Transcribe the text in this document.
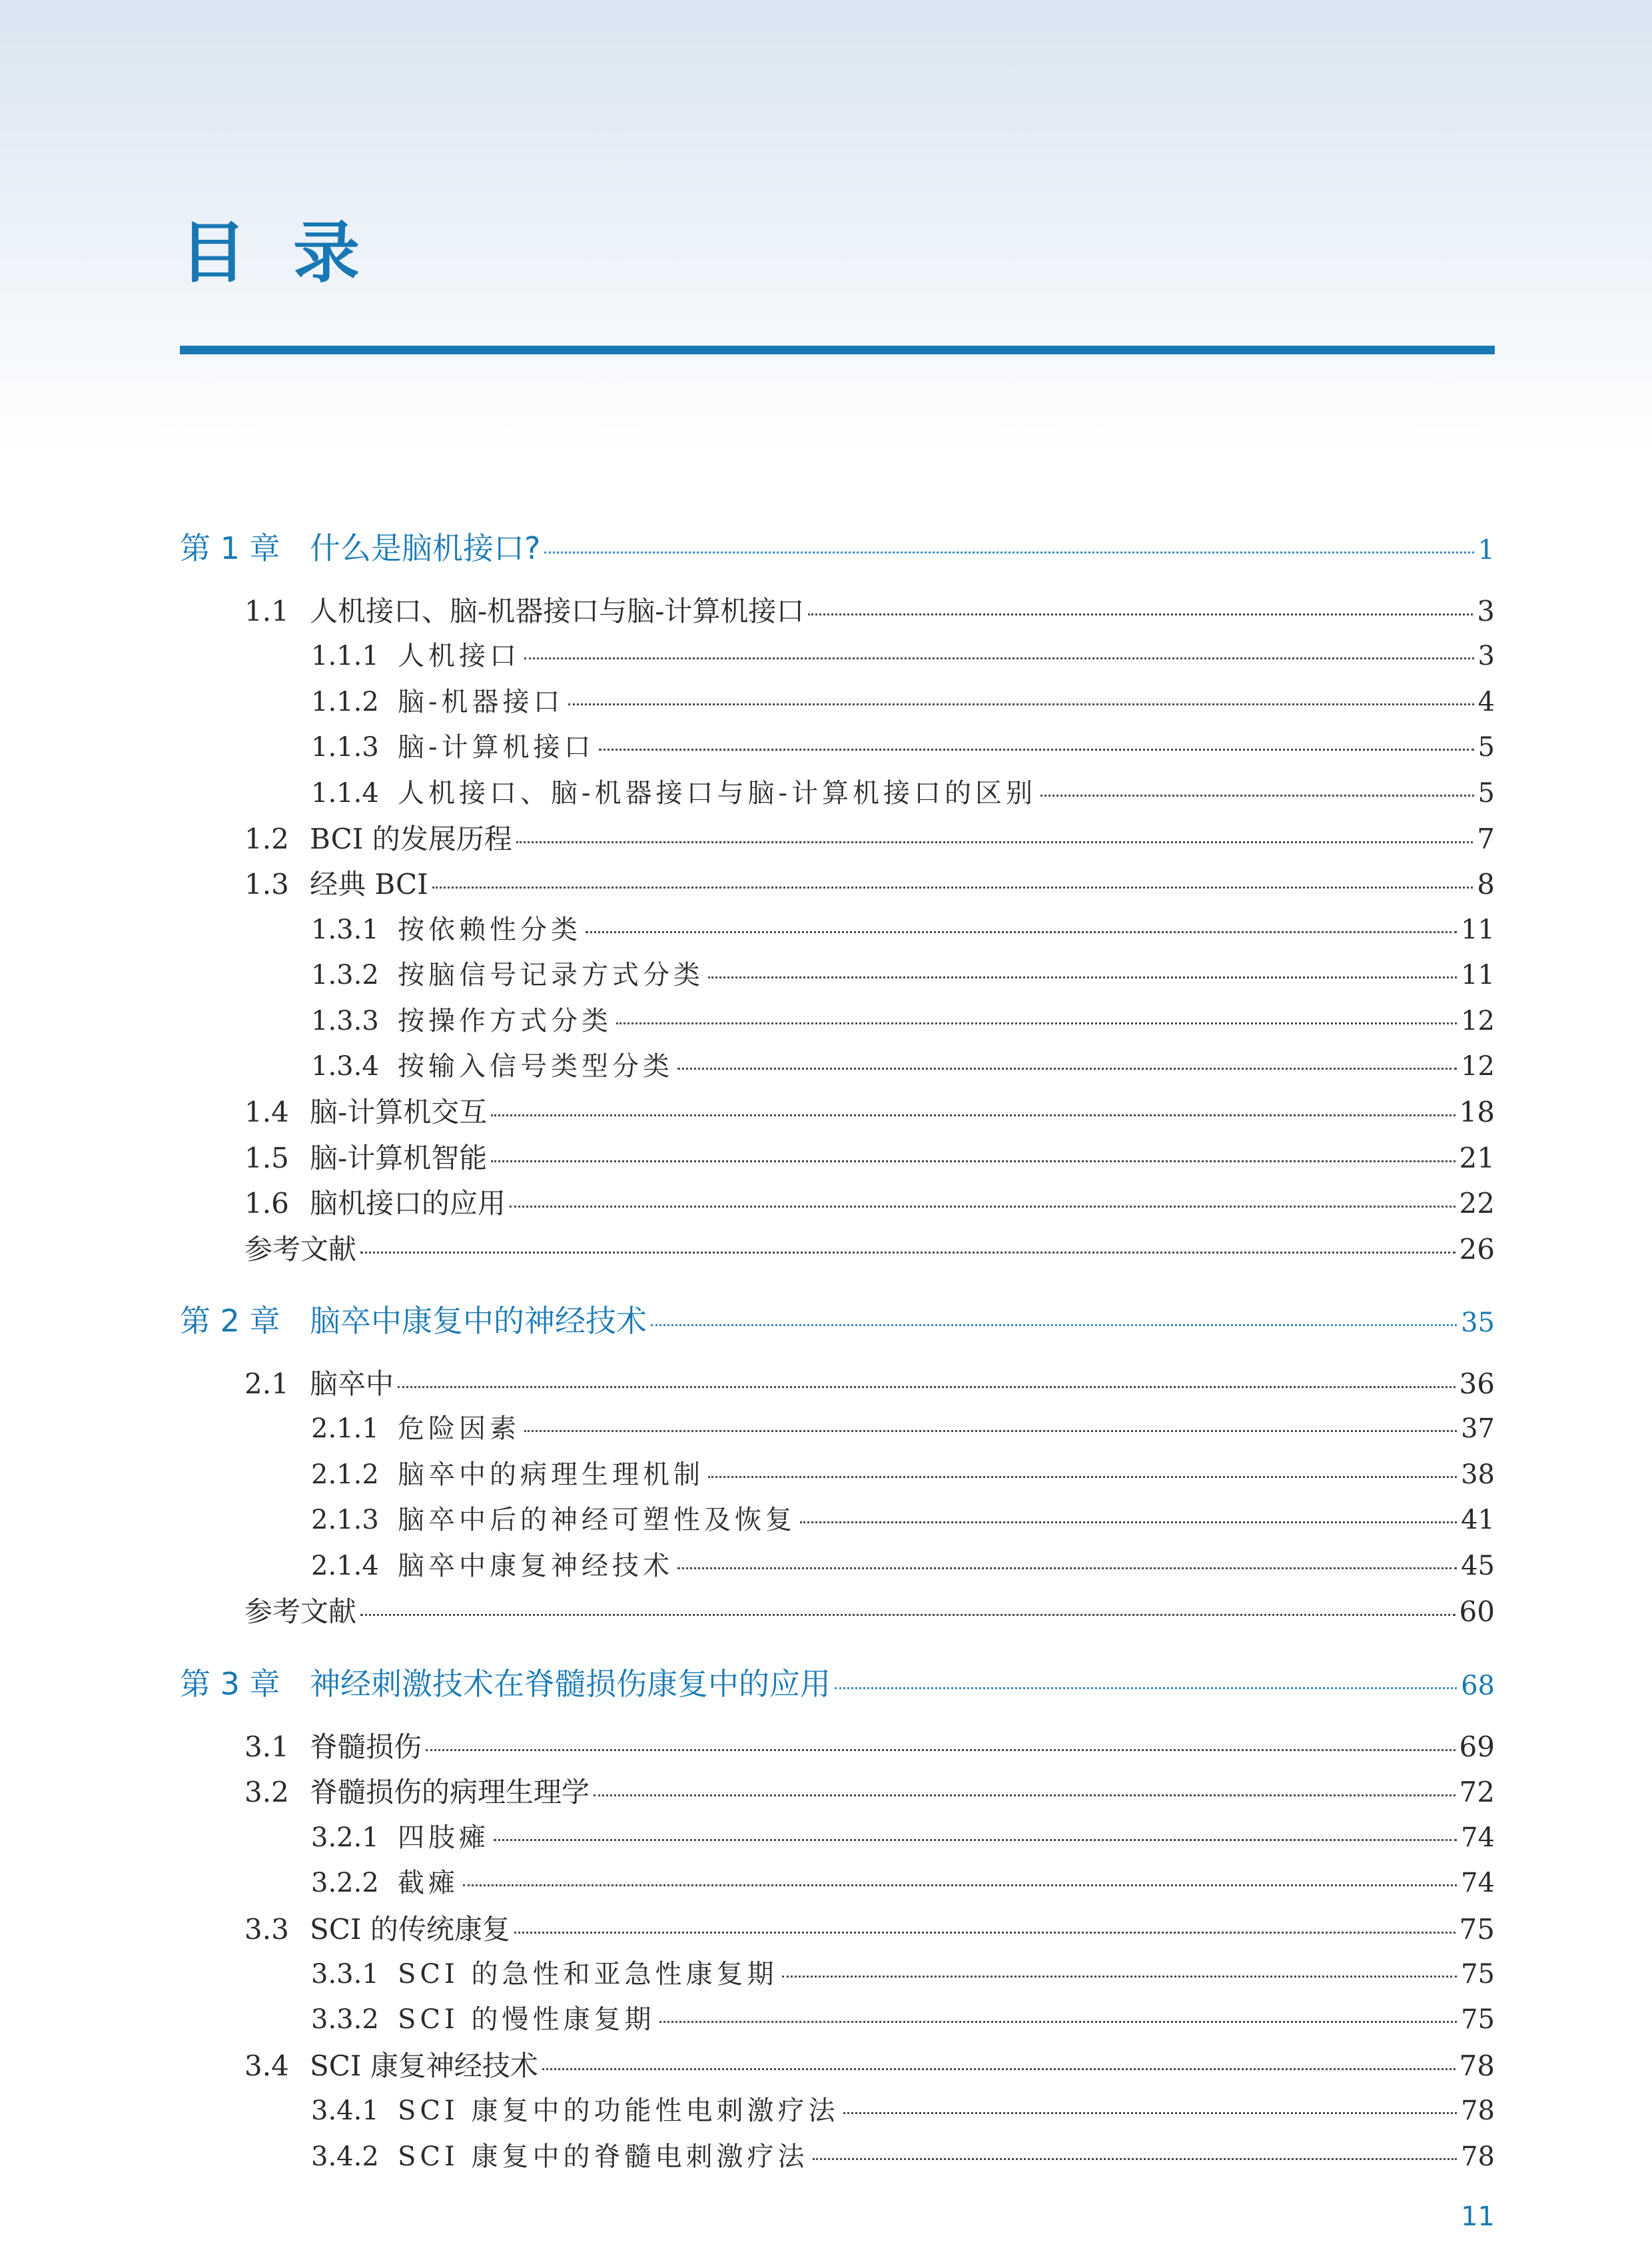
目录
第 1 章 什么是脑机接口?	1
1.1 人机接口、脑-机器接口与脑-计算机接口	3
1.1.1 人机接口	3
1.1.2 脑-机器接口	4
1.1.3 脑-计算机接口	5
1.1.4 人机接口、脑-机器接口与脑-计算机接口的区别	5
1.2 BCI 的发展历程	7
1.3 经典 BCI	8
1.3.1 按依赖性分类	11
1.3.2 按脑信号记录方式分类	11
1.3.3 按操作方式分类	12
1.3.4 按输入信号类型分类	12
1.4 脑-计算机交互	18
1.5 脑-计算机智能	21
1.6 脑机接口的应用	22
参考文献	26
第 2 章 脑卒中康复中的神经技术	35
2.1 脑卒中	36
2.1.1 危险因素	37
2.1.2 脑卒中的病理生理机制	38
2.1.3 脑卒中后的神经可塑性及恢复	41
2.1.4 脑卒中康复神经技术	45
参考文献	60
第 3 章 神经刺激技术在脊髓损伤康复中的应用	68
3.1 脊髓损伤	69
3.2 脊髓损伤的病理生理学	72
3.2.1 四肢瘫	74
3.2.2 截瘫	74
3.3 SCI 的传统康复	75
3.3.1 SCI 的急性和亚急性康复期	75
3.3.2 SCI 的慢性康复期	75
3.4 SCI 康复神经技术	78
3.4.1 SCI 康复中的功能性电刺激疗法	78
3.4.2 SCI 康复中的脊髓电刺激疗法	78
11
